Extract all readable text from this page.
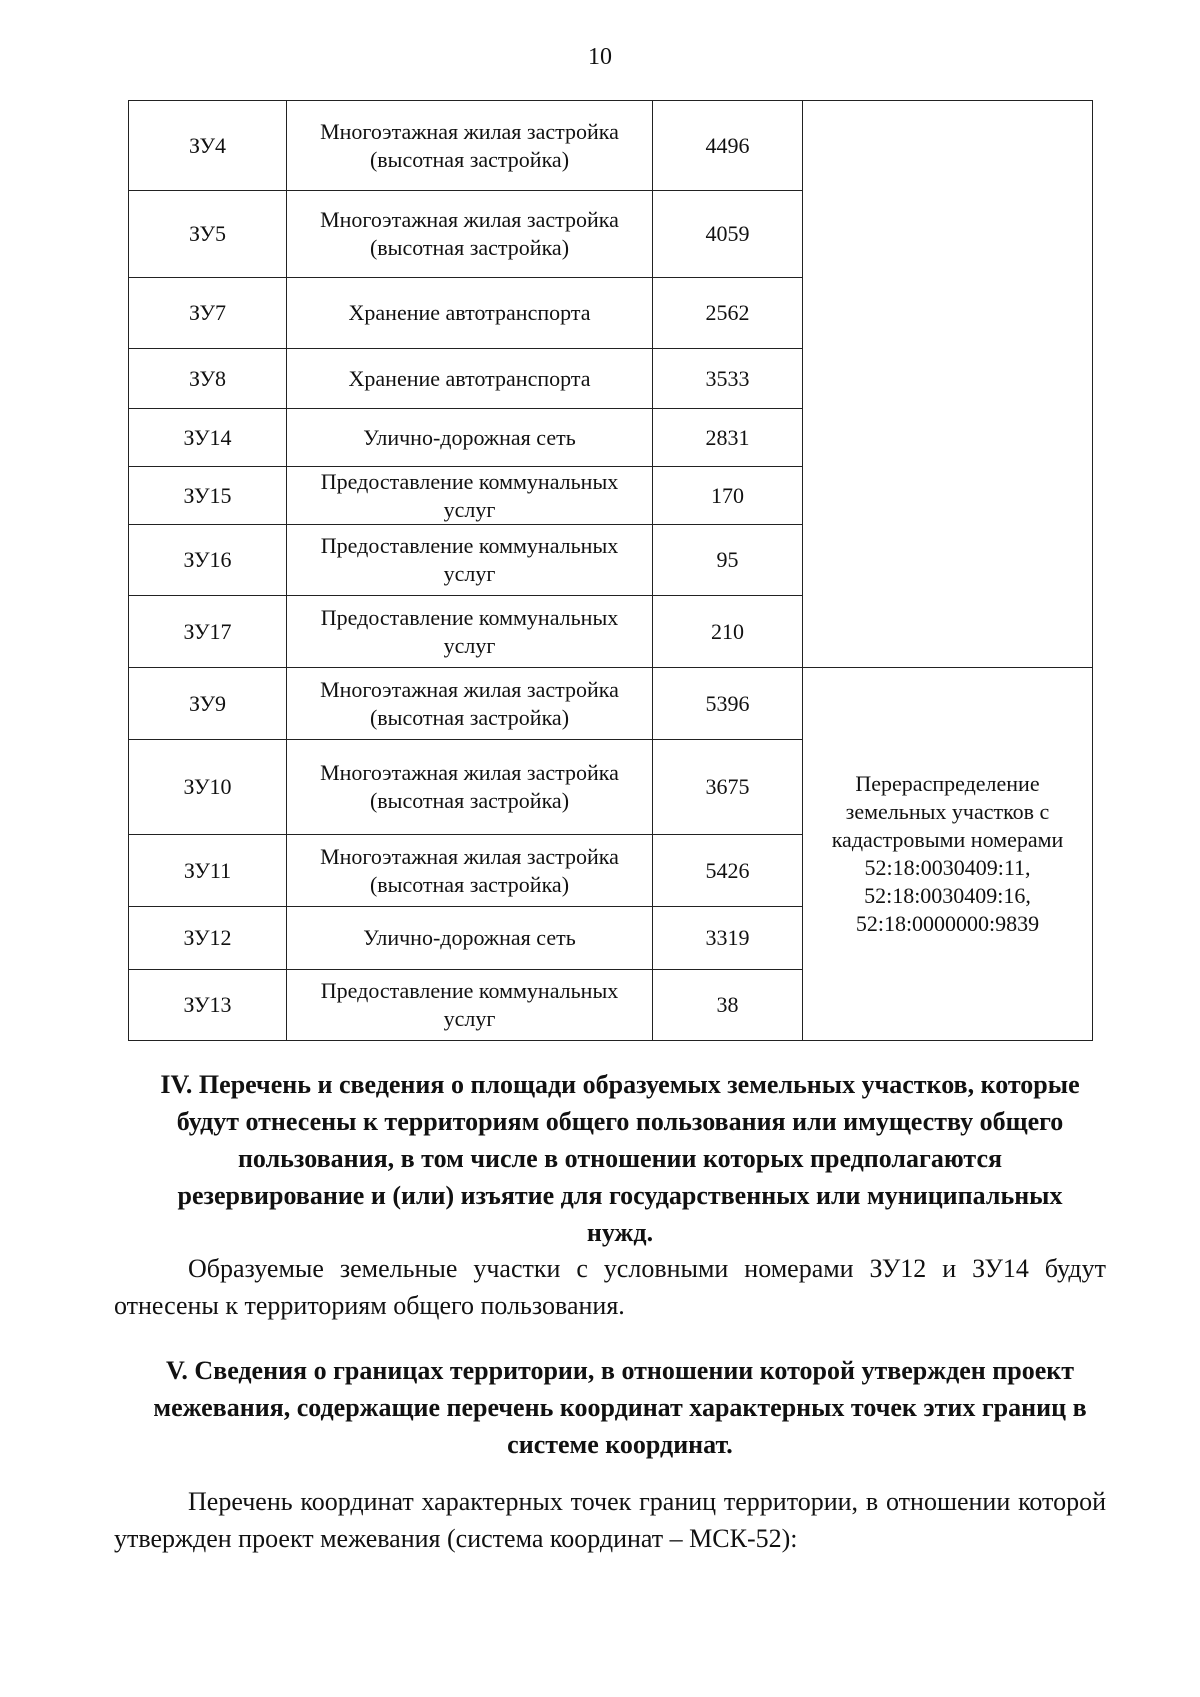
10
ЗУ4	Многоэтажная жилая застройка (высотная застройка)	4496	
ЗУ5	Многоэтажная жилая застройка (высотная застройка)	4059	
ЗУ7	Хранение автотранспорта	2562	
ЗУ8	Хранение автотранспорта	3533	
ЗУ14	Улично-дорожная сеть	2831	
ЗУ15	Предоставление коммунальных услуг	170	
ЗУ16	Предоставление коммунальных услуг	95	
ЗУ17	Предоставление коммунальных услуг	210	
ЗУ9	Многоэтажная жилая застройка (высотная застройка)	5396	Перераспределение земельных участков с кадастровыми номерами 52:18:0030409:11, 52:18:0030409:16, 52:18:0000000:9839
ЗУ10	Многоэтажная жилая застройка (высотная застройка)	3675	
ЗУ11	Многоэтажная жилая застройка (высотная застройка)	5426	
ЗУ12	Улично-дорожная сеть	3319	
ЗУ13	Предоставление коммунальных услуг	38	
IV. Перечень и сведения о площади образуемых земельных участков, которые будут отнесены к территориям общего пользования или имуществу общего пользования, в том числе в отношении которых предполагаются резервирование и (или) изъятие для государственных или муниципальных нужд.
Образуемые земельные участки с условными номерами ЗУ12 и ЗУ14 будут отнесены к территориям общего пользования.
V. Сведения о границах территории, в отношении которой утвержден проект межевания, содержащие перечень координат характерных точек этих границ в системе координат.
Перечень координат характерных точек границ территории, в отношении которой утвержден проект межевания (система координат – МСК-52):
